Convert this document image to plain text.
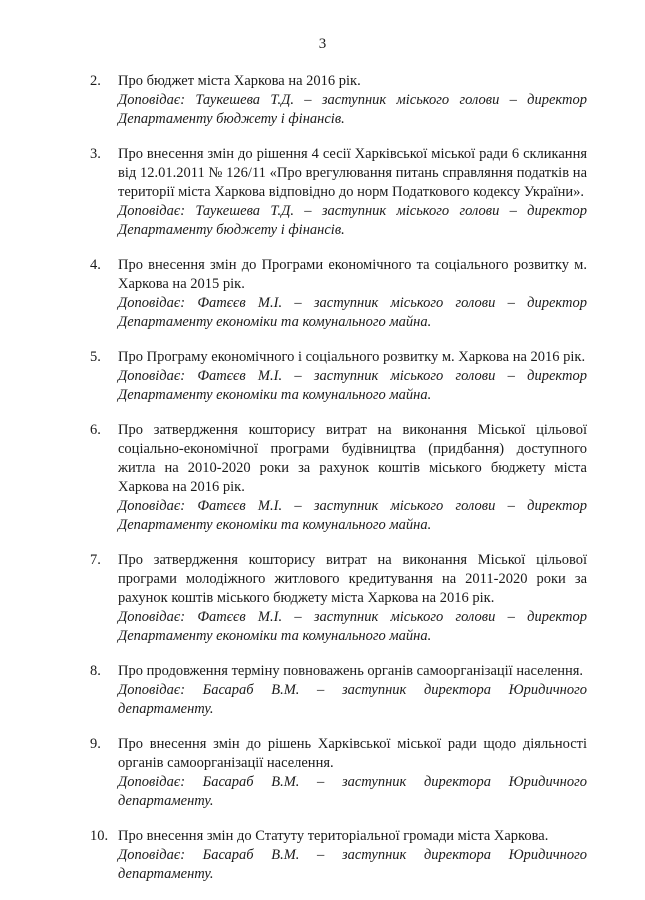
3
2.	Про бюджет міста Харкова на 2016 рік.
Доповідає: Таукешева Т.Д. – заступник міського голови – директор Департаменту бюджету і фінансів.
3.	Про внесення змін до рішення 4 сесії Харківської міської ради 6 скликання від 12.01.2011 № 126/11 «Про врегулювання питань справляння податків на території міста Харкова відповідно до норм Податкового кодексу України».
Доповідає: Таукешева Т.Д. – заступник міського голови – директор Департаменту бюджету і фінансів.
4.	Про внесення змін до Програми економічного та соціального розвитку м. Харкова на 2015 рік.
Доповідає: Фатєєв М.І. – заступник міського голови – директор Департаменту економіки та комунального майна.
5.	Про Програму економічного і соціального розвитку м. Харкова на 2016 рік.
Доповідає: Фатєєв М.І. – заступник міського голови – директор Департаменту економіки та комунального майна.
6.	Про затвердження кошторису витрат на виконання Міської цільової соціально-економічної програми будівництва (придбання) доступного житла на 2010-2020 роки за рахунок коштів міського бюджету міста Харкова на 2016 рік.
Доповідає: Фатєєв М.І. – заступник міського голови – директор Департаменту економіки та комунального майна.
7.	Про затвердження кошторису витрат на виконання Міської цільової програми молодіжного житлового кредитування на 2011-2020 роки за рахунок коштів міського бюджету міста Харкова на 2016 рік.
Доповідає: Фатєєв М.І. – заступник міського голови – директор Департаменту економіки та комунального майна.
8.	Про продовження терміну повноважень органів самоорганізації населення.
Доповідає: Басараб В.М. – заступник директора Юридичного департаменту.
9.	Про внесення змін до рішень Харківської міської ради щодо діяльності органів самоорганізації населення.
Доповідає: Басараб В.М. – заступник директора Юридичного департаменту.
10. Про внесення змін до Статуту територіальної громади міста Харкова.
Доповідає: Басараб В.М. – заступник директора Юридичного департаменту.
